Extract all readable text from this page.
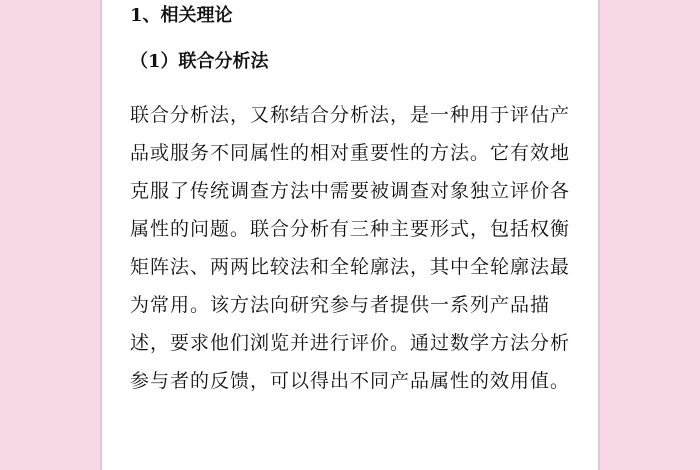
1、相关理论
（1）联合分析法

联合分析法，又称结合分析法，是一种用于评估产品或服务不同属性的相对重要性的方法。它有效地克服了传统调查方法中需要被调查对象独立评价各属性的问题。联合分析有三种主要形式，包括权衡矩阵法、两两比较法和全轮廓法，其中全轮廓法最为常用。该方法向研究参与者提供一系列产品描述，要求他们浏览并进行评价。通过数学方法分析参与者的反馈，可以得出不同产品属性的效用值。
